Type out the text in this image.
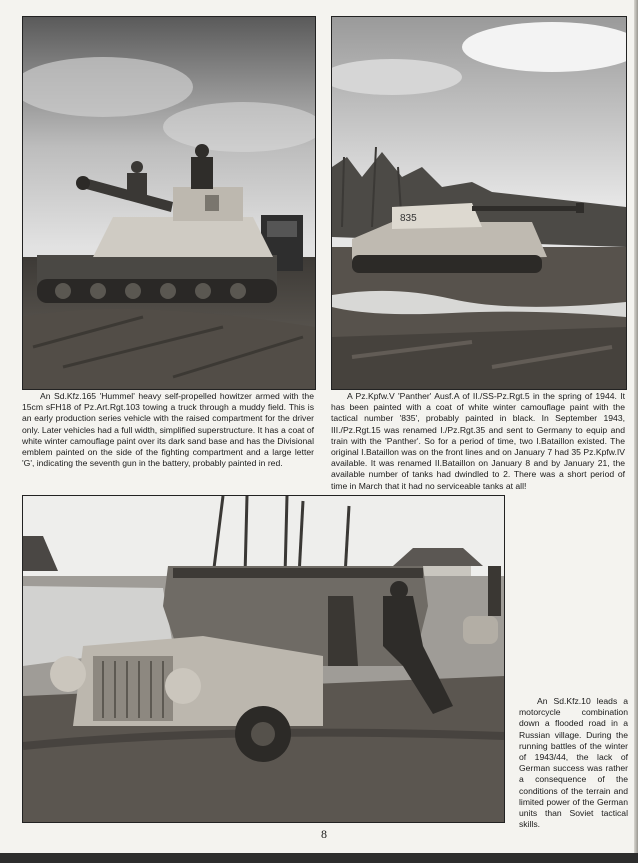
835
An Sd.Kfz.165 'Hummel' heavy self-propelled howitzer armed with the 15cm sFH18 of Pz.Art.Rgt.103 towing a truck through a muddy field. This is an early production series vehicle with the raised compartment for the driver only. Later vehicles had a full width, simplified superstructure. It has a coat of white winter camouflage paint over its dark sand base and has the Divisional emblem painted on the side of the fighting compartment and a large letter 'G', indicating the seventh gun in the battery, probably painted in red.
A Pz.Kpfw.V 'Panther' Ausf.A of II./SS-Pz.Rgt.5 in the spring of 1944. It has been painted with a coat of white winter camouflage paint with the tactical number '835', probably painted in black. In September 1943, III./Pz.Rgt.15 was renamed I./Pz.Rgt.35 and sent to Germany to equip and train with the 'Panther'. So for a period of time, two I.Bataillon existed. The original I.Bataillon was on the front lines and on January 7 had 35 Pz.Kpfw.IV available. It was renamed II.Bataillon on January 8 and by January 21, the available number of tanks had dwindled to 2. There was a short period of time in March that it had no serviceable tanks at all!
An Sd.Kfz.10 leads a motorcycle combination down a flooded road in a Russian village. During the running battles of the winter of 1943/44, the lack of German success was rather a consequence of the conditions of the terrain and limited power of the German units than Soviet tactical skills.
8
